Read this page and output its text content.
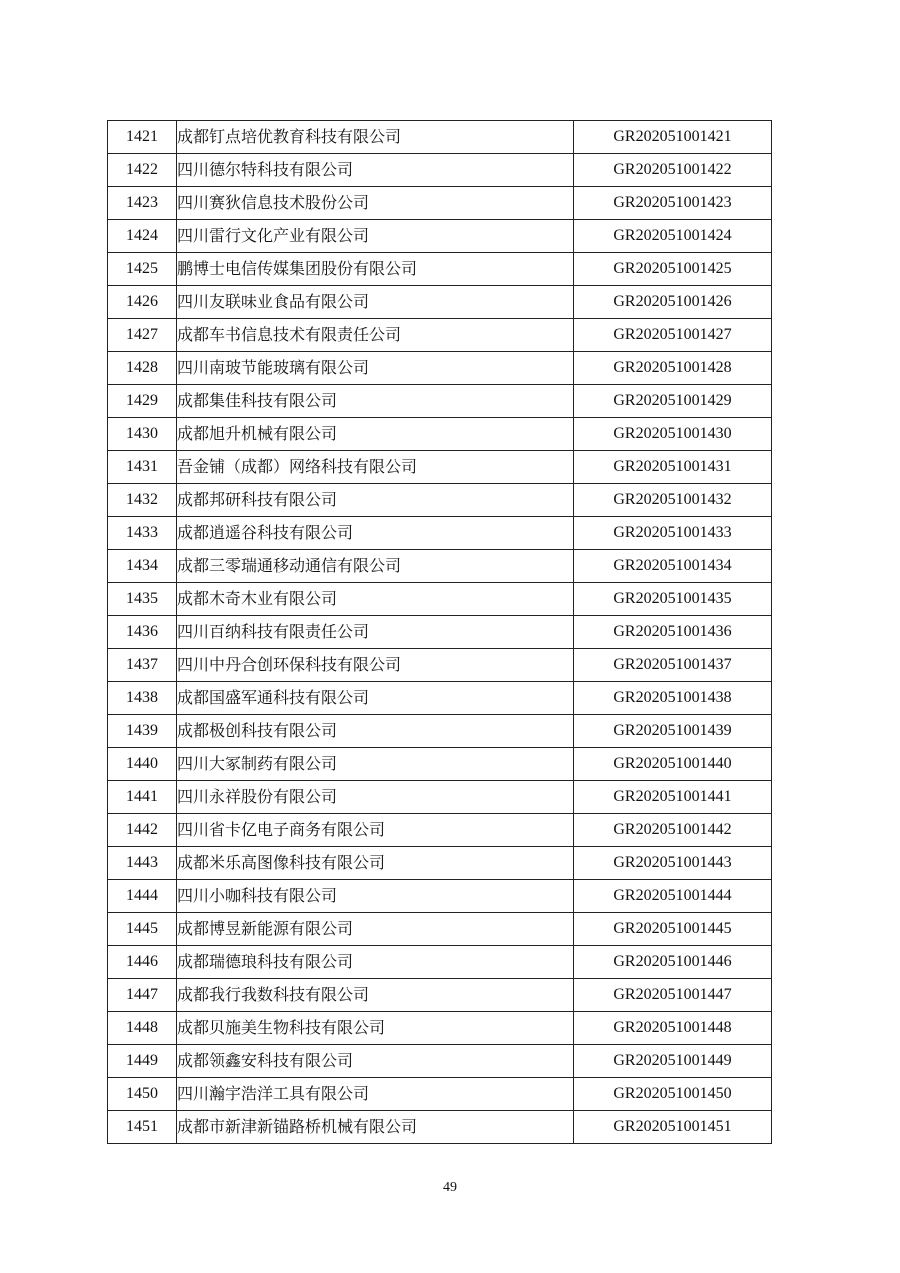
1421	成都钉点培优教育科技有限公司	GR202051001421
1422	四川德尔特科技有限公司	GR202051001422
1423	四川赛狄信息技术股份公司	GR202051001423
1424	四川雷行文化产业有限公司	GR202051001424
1425	鹏博士电信传媒集团股份有限公司	GR202051001425
1426	四川友联味业食品有限公司	GR202051001426
1427	成都车书信息技术有限责任公司	GR202051001427
1428	四川南玻节能玻璃有限公司	GR202051001428
1429	成都集佳科技有限公司	GR202051001429
1430	成都旭升机械有限公司	GR202051001430
1431	吾金铺（成都）网络科技有限公司	GR202051001431
1432	成都邦研科技有限公司	GR202051001432
1433	成都逍遥谷科技有限公司	GR202051001433
1434	成都三零瑞通移动通信有限公司	GR202051001434
1435	成都木奇木业有限公司	GR202051001435
1436	四川百纳科技有限责任公司	GR202051001436
1437	四川中丹合创环保科技有限公司	GR202051001437
1438	成都国盛军通科技有限公司	GR202051001438
1439	成都极创科技有限公司	GR202051001439
1440	四川大冢制药有限公司	GR202051001440
1441	四川永祥股份有限公司	GR202051001441
1442	四川省卡亿电子商务有限公司	GR202051001442
1443	成都米乐高图像科技有限公司	GR202051001443
1444	四川小咖科技有限公司	GR202051001444
1445	成都博昱新能源有限公司	GR202051001445
1446	成都瑞德琅科技有限公司	GR202051001446
1447	成都我行我数科技有限公司	GR202051001447
1448	成都贝施美生物科技有限公司	GR202051001448
1449	成都领鑫安科技有限公司	GR202051001449
1450	四川瀚宇浩洋工具有限公司	GR202051001450
1451	成都市新津新锚路桥机械有限公司	GR202051001451
49
